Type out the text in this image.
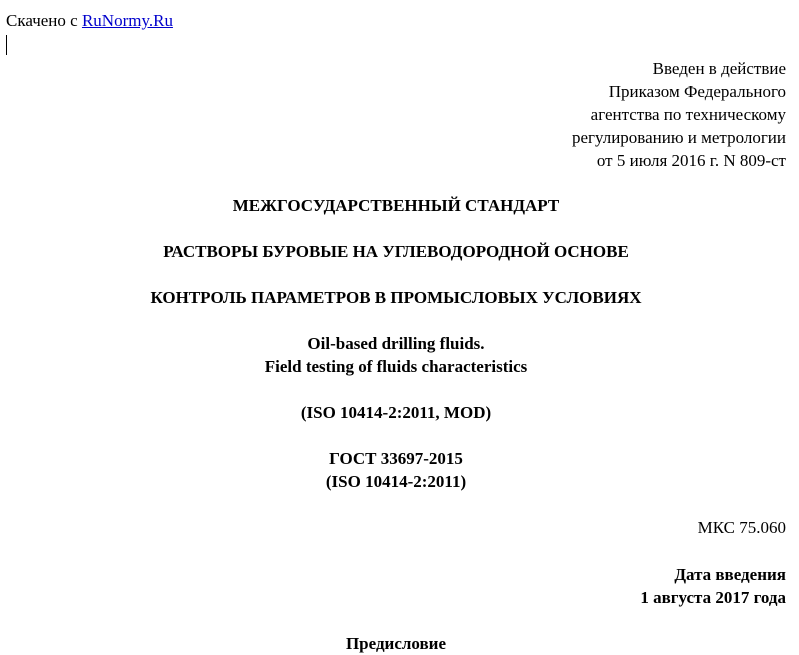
Скачено с RuNormy.Ru
Введен в действие
Приказом Федерального
агентства по техническому
регулированию и метрологии
от 5 июля 2016 г. N 809-ст
МЕЖГОСУДАРСТВЕННЫЙ СТАНДАРТ
РАСТВОРЫ БУРОВЫЕ НА УГЛЕВОДОРОДНОЙ ОСНОВЕ
КОНТРОЛЬ ПАРАМЕТРОВ В ПРОМЫСЛОВЫХ УСЛОВИЯХ
Oil-based drilling fluids.
Field testing of fluids characteristics
(ISO 10414-2:2011, MOD)
ГОСТ 33697-2015
(ISO 10414-2:2011)
МКС 75.060
Дата введения
1 августа 2017 года
Предисловие
